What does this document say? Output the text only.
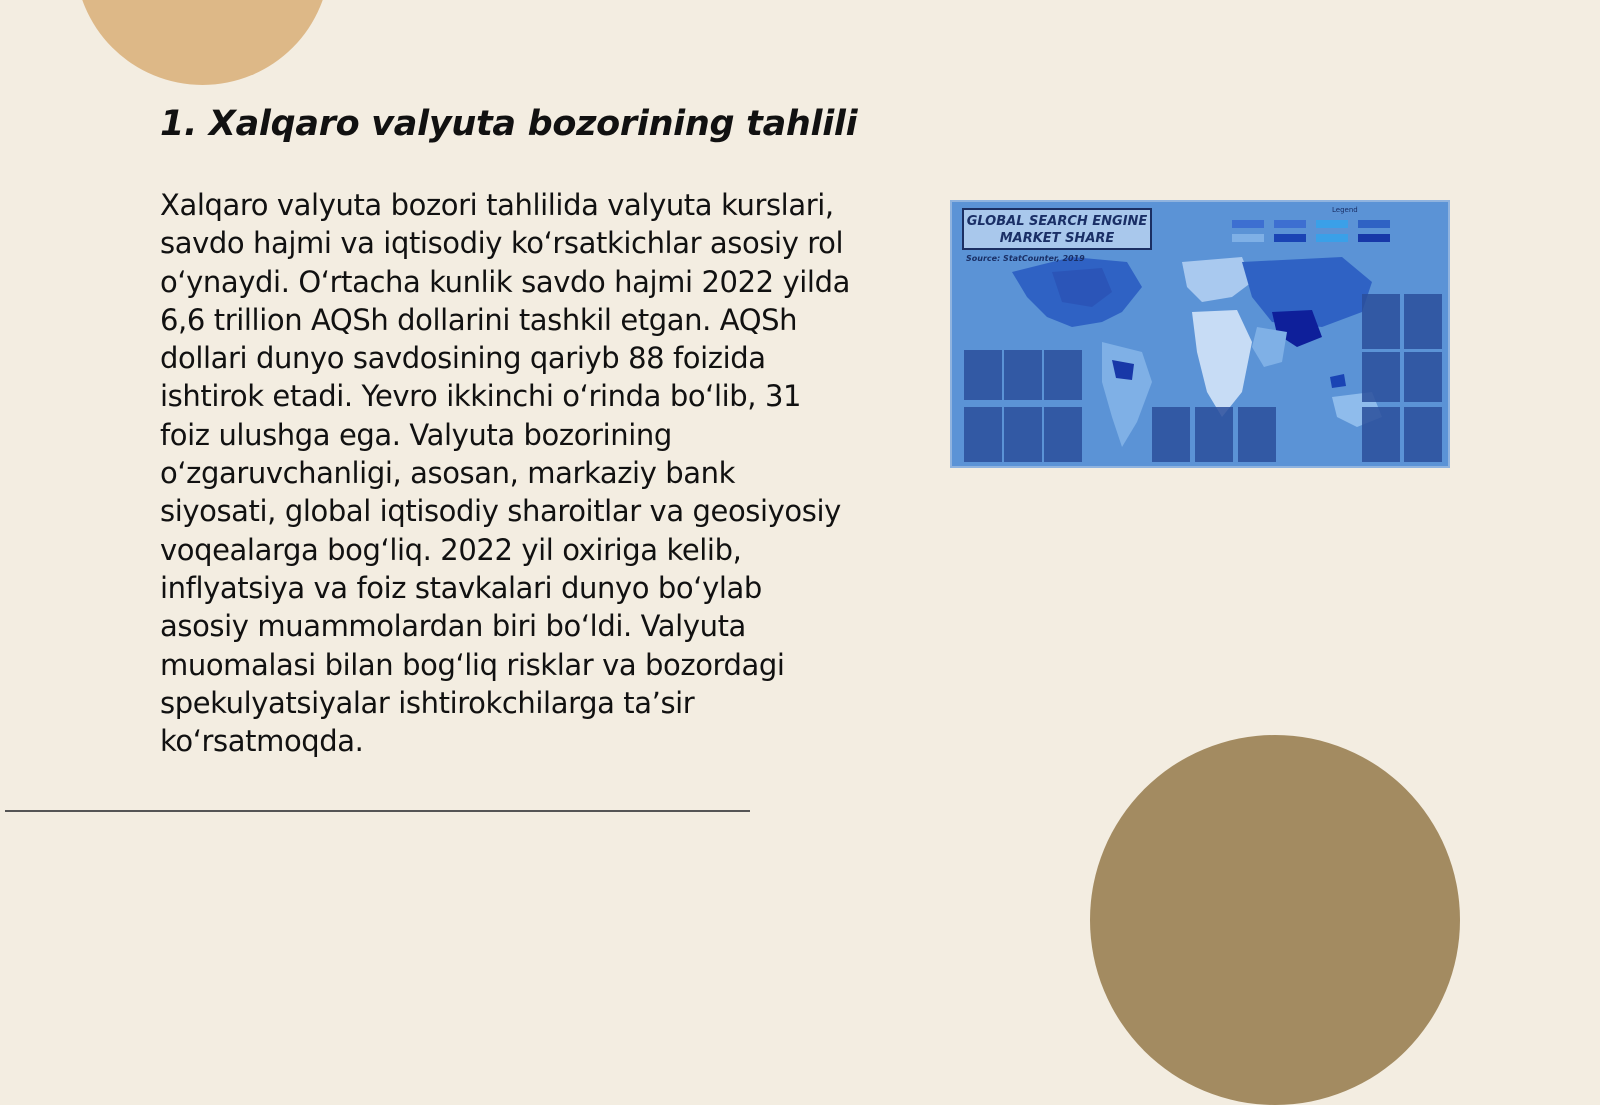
1. Xalqaro valyuta bozorining tahlili

Xalqaro valyuta bozori tahlilida valyuta kurslari, savdo hajmi va iqtisodiy ko‘rsatkichlar asosiy rol o‘ynaydi. O‘rtacha kunlik savdo hajmi 2022 yilda 6,6 trillion AQSh dollarini tashkil etgan. AQSh dollari dunyo savdosining qariyb 88 foizida ishtirok etadi. Yevro ikkinchi o‘rinda bo‘lib, 31 foiz ulushga ega. Valyuta bozorining o‘zgaruvchanligi, asosan, markaziy bank siyosati, global iqtisodiy sharoitlar va geosiyosiy voqealarga bog‘liq. 2022 yil oxiriga kelib, inflyatsiya va foiz stavkalari dunyo bo‘ylab asosiy muammolardan biri bo‘ldi. Valyuta muomalasi bilan bog‘liq risklar va bozordagi spekulyatsiyalar ishtirokchilarga ta’sir ko‘rsatmoqda.

GLOBAL SEARCH ENGINE MARKET SHARE
Source: StatCounter, 2019
Legend
